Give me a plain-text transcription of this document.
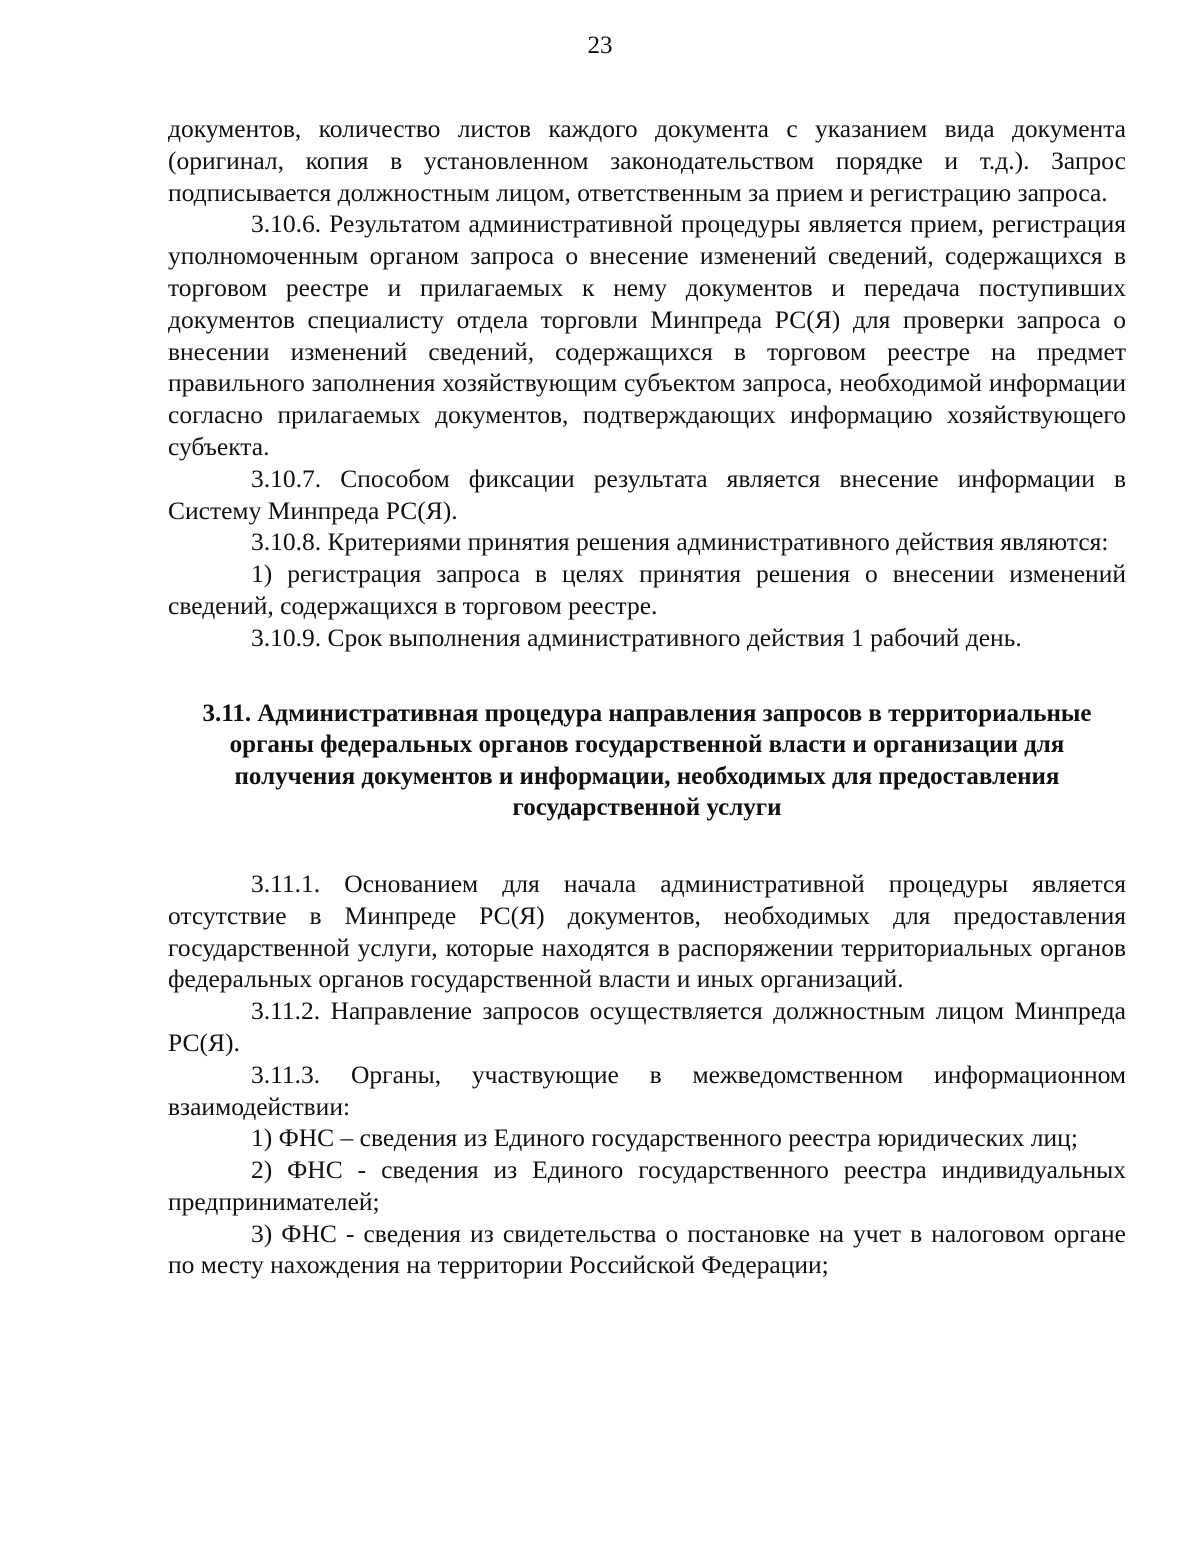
23

документов, количество листов каждого документа с указанием вида документа (оригинал, копия в установленном законодательством порядке и т.д.). Запрос подписывается должностным лицом, ответственным за прием и регистрацию запроса.

3.10.6. Результатом административной процедуры является прием, регистрация уполномоченным органом запроса о внесение изменений сведений, содержащихся в торговом реестре и прилагаемых к нему документов и передача поступивших документов специалисту отдела торговли Минпреда РС(Я) для проверки запроса о внесении изменений сведений, содержащихся в торговом реестре на предмет правильного заполнения хозяйствующим субъектом запроса, необходимой информации согласно прилагаемых документов, подтверждающих информацию хозяйствующего субъекта.

3.10.7. Способом фиксации результата является внесение информации в Систему Минпреда РС(Я).

3.10.8. Критериями принятия решения административного действия являются:

1) регистрация запроса в целях принятия решения о внесении изменений сведений, содержащихся в торговом реестре.

3.10.9. Срок выполнения административного действия 1 рабочий день.

3.11. Административная процедура направления запросов в территориальные органы федеральных органов государственной власти и организации для получения документов и информации, необходимых для предоставления государственной услуги

3.11.1. Основанием для начала административной процедуры является отсутствие в Минпреде РС(Я) документов, необходимых для предоставления государственной услуги, которые находятся в распоряжении территориальных органов федеральных органов государственной власти и иных организаций.

3.11.2. Направление запросов осуществляется должностным лицом Минпреда РС(Я).

3.11.3. Органы, участвующие в межведомственном информационном взаимодействии:

1) ФНС – сведения из Единого государственного реестра юридических лиц;

2) ФНС - сведения из Единого государственного реестра индивидуальных предпринимателей;

3) ФНС - сведения из свидетельства о постановке на учет в налоговом органе по месту нахождения на территории Российской Федерации;
